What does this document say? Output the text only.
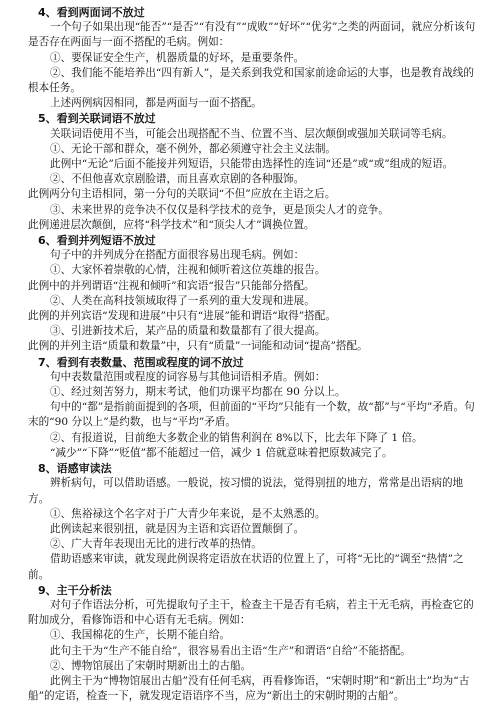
4、看到两面词不放过

一个句子如果出现“能否”“是否”“有没有”“成败”“好坏”“优劣”之类的两面词，就应分析该句是否存在两面与一面不搭配的毛病。例如：

①、要保证安全生产，机器质量的好坏，是重要条件。

②、我们能不能培养出“四有新人”，是关系到我党和国家前途命运的大事，也是教育战线的根本任务。

上述两例病因相同，都是两面与一面不搭配。

5、看到关联词语不放过

关联词语使用不当，可能会出现搭配不当、位置不当、层次颠倒或强加关联词等毛病。

①、无论干部和群众，毫不例外，都必须遵守社会主义法制。

此例中“无论”后面不能接并列短语，只能带由选择性的连词“还是”或“或”组成的短语。

②、不但他喜欢京剧脸谱，而且喜欢京剧的各种服饰。

此例两分句主语相同，第一分句的关联词“不但”应放在主语之后。

③、未来世界的竞争决不仅仅是科学技术的竞争，更是顶尖人才的竞争。

此例递进层次颠倒，应将“科学技术”和“顶尖人才”调换位置。

6、看到并列短语不放过

句子中的并列成分在搭配方面很容易出现毛病。例如：

①、大家怀着崇敬的心情，注视和倾听着这位英雄的报告。

此例中的并列谓语“注视和倾听”和宾语“报告”只能部分搭配。

②、人类在高科技领域取得了一系列的重大发现和进展。

此例的并列宾语“发现和进展”中只有“进展”能和谓语“取得”搭配。

③、引进新技术后，某产品的质量和数量都有了很大提高。

此例的并列主语“质量和数量”中，只有“质量”一词能和动词“提高”搭配。

7、看到有表数量、范围或程度的词不放过

句中表数量范围或程度的词容易与其他词语相矛盾。例如：

①、经过刻苦努力，期末考试，他们功课平均都在 90 分以上。

句中的“都”是指前面提到的各项，但前面的“平均”只能有一个数，故“都”与“平均”矛盾。句末的“90 分以上”是约数，也与“平均”矛盾。

②、有报道说，目前绝大多数企业的销售利润在 8%以下，比去年下降了 1 倍。

“减少”“下降”“贬值”都不能超过一倍，减少 1 倍就意味着把原数减完了。

8、语感审读法

辨析病句，可以借助语感。一般说，按习惯的说法，觉得别扭的地方，常常是出语病的地方。

①、焦裕禄这个名字对于广大青少年来说，是不太熟悉的。

此例读起来很别扭，就是因为主语和宾语位置颠倒了。

②、广大青年表现出无比的进行改革的热情。

借助语感来审读，就发现此例误将定语放在状语的位置上了，可将“无比的”调至“热情”之前。

9、主干分析法

对句子作语法分析，可先提取句子主干，检查主干是否有毛病，若主干无毛病，再检查它的附加成分，看修饰语和中心语有无毛病。例如：

①、我国棉花的生产，长期不能自给。

此句主干为“生产不能自给”，很容易看出主语“生产”和谓语“自给”不能搭配。

②、博物馆展出了宋朝时期新出土的古船。

此例主干为“博物馆展出古船”没有任何毛病，再看修饰语，“宋朝时期”和“新出土”均为“古船”的定语，检查一下，就发现定语语序不当，应为“新出土的宋朝时期的古船”。
